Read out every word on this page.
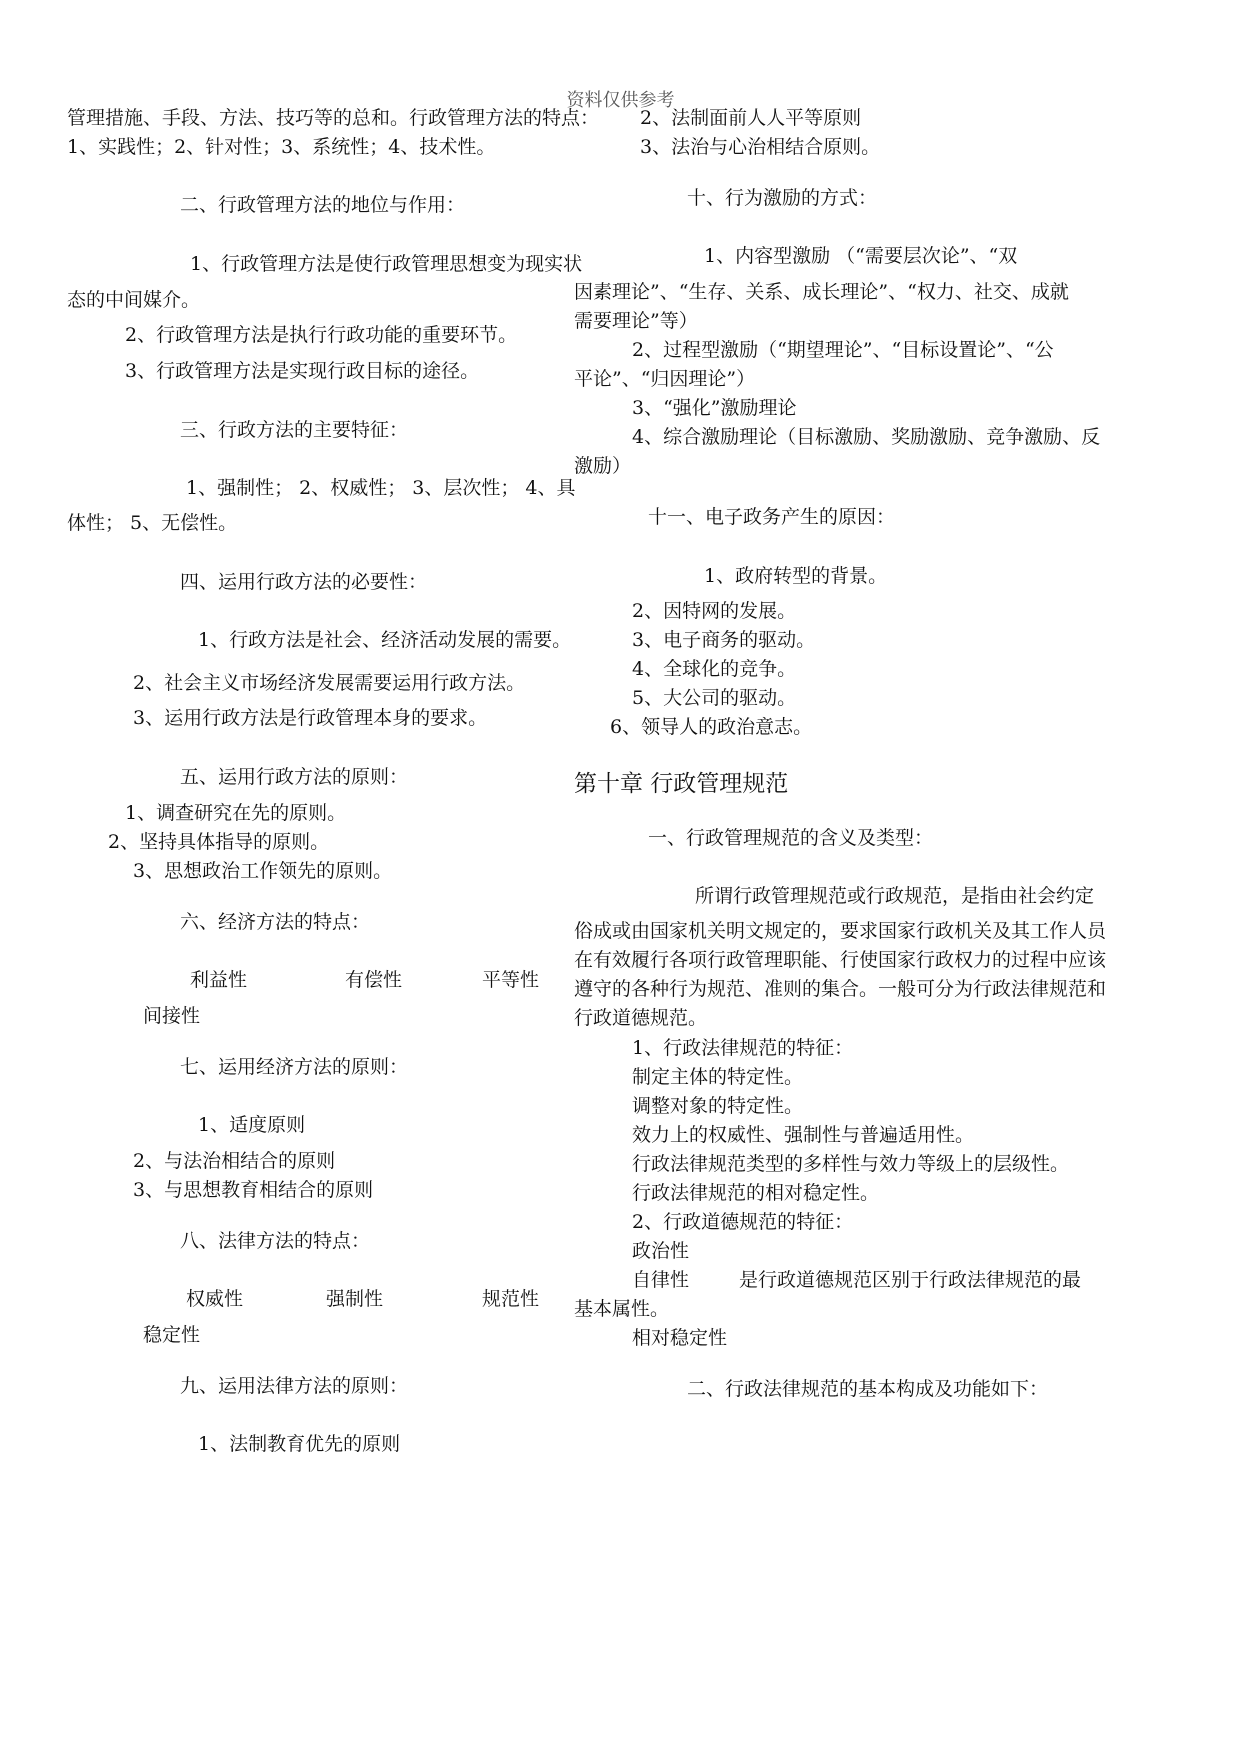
资料仅供参考
管理措施、手段、方法、技巧等的总和。行政管理方法的特点：
1、实践性；2、针对性；3、系统性；4、技术性。
二、行政管理方法的地位与作用：
1、行政管理方法是使行政管理思想变为现实状
态的中间媒介。
2、行政管理方法是执行行政功能的重要环节。
3、行政管理方法是实现行政目标的途径。
三、行政方法的主要特征：
1、强制性； 2、权威性； 3、层次性； 4、具
体性； 5、无偿性。
四、运用行政方法的必要性：
1、行政方法是社会、经济活动发展的需要。
2、社会主义市场经济发展需要运用行政方法。
3、运用行政方法是行政管理本身的要求。
五、运用行政方法的原则：
1、调查研究在先的原则。
2、坚持具体指导的原则。
3、思想政治工作领先的原则。
六、经济方法的特点：
利益性	有偿性	平等性
间接性
七、运用经济方法的原则：
1、适度原则
2、与法治相结合的原则
3、与思想教育相结合的原则
八、法律方法的特点：
权威性	强制性	规范性
稳定性
九、运用法律方法的原则：
1、法制教育优先的原则
2、法制面前人人平等原则
3、法治与心治相结合原则。
十、行为激励的方式：
1、内容型激励 （“需要层次论”、“双
因素理论”、“生存、关系、成长理论”、“权力、社交、成就
需要理论”等）
2、过程型激励（“期望理论”、“目标设置论”、“公
平论”、“归因理论”）
3、“强化”激励理论
4、综合激励理论（目标激励、奖励激励、竞争激励、反
激励）
十一、电子政务产生的原因：
1、政府转型的背景。
2、因特网的发展。
3、电子商务的驱动。
4、全球化的竞争。
5、大公司的驱动。
6、领导人的政治意志。
第十章 行政管理规范
一、行政管理规范的含义及类型：
所谓行政管理规范或行政规范，是指由社会约定
俗成或由国家机关明文规定的，要求国家行政机关及其工作人员
在有效履行各项行政管理职能、行使国家行政权力的过程中应该
遵守的各种行为规范、准则的集合。一般可分为行政法律规范和
行政道德规范。
1、行政法律规范的特征：
制定主体的特定性。
调整对象的特定性。
效力上的权威性、强制性与普遍适用性。
行政法律规范类型的多样性与效力等级上的层级性。
行政法律规范的相对稳定性。
2、行政道德规范的特征：
政治性
自律性	是行政道德规范区别于行政法律规范的最
基本属性。
相对稳定性
二、行政法律规范的基本构成及功能如下：
